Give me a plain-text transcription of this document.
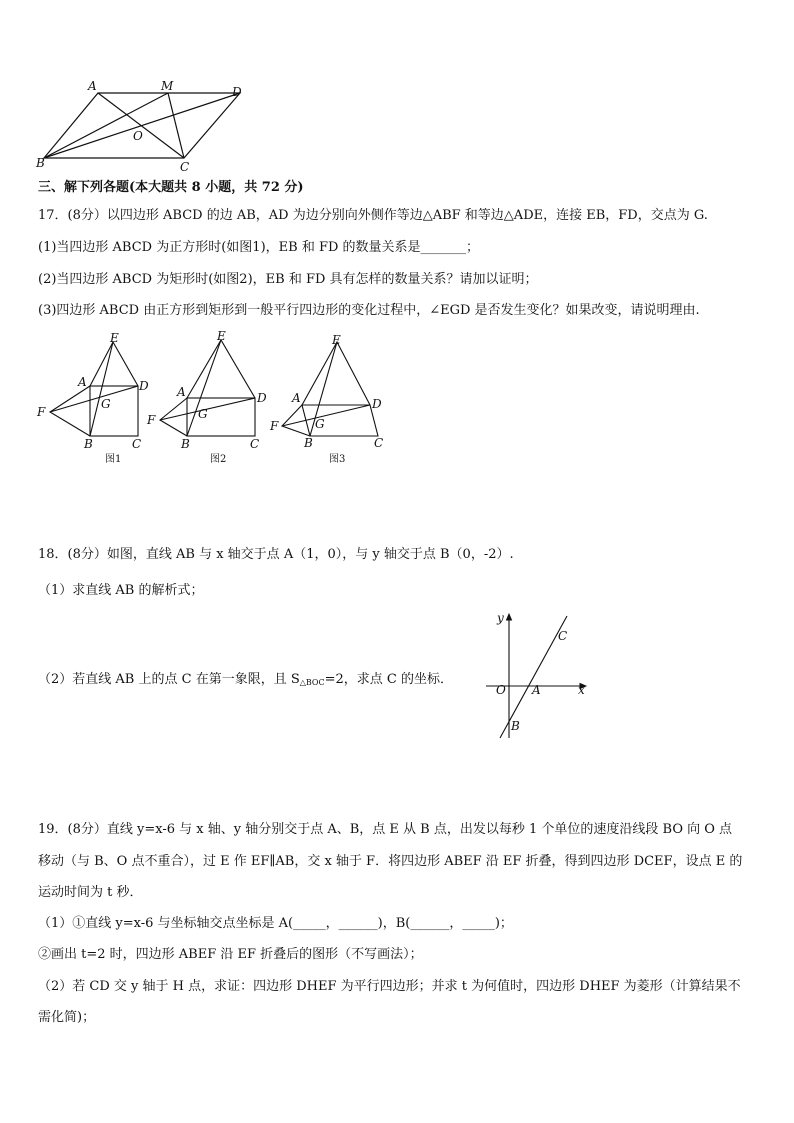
A	M	D
B	C
O
三、解下列各题(本大题共 8 小题，共 72 分)
17．(8分）以四边形 ABCD 的边 AB，AD 为边分别向外侧作等边△ABF 和等边△ADE，连接 EB，FD，交点为 G.
(1)当四边形 ABCD 为正方形时(如图1)，EB 和 FD 的数量关系是_______；
(2)当四边形 ABCD 为矩形时(如图2)，EB 和 FD 具有怎样的数量关系？请加以证明；
(3)四边形 ABCD 由正方形到矩形到一般平行四边形的变化过程中，∠EGD 是否发生变化？如果改变，请说明理由.
E
A	D
G
F
B	C
图1
E
A	D
G
F
B	C
图2
E
A	D
G
F
B	C
图3
18．(8分）如图，直线 AB 与 x 轴交于点 A（1，0），与 y 轴交于点 B（0，-2）.
（1）求直线 AB 的解析式；
（2）若直线 AB 上的点 C 在第一象限，且 $S_{\triangle BOC}=2$，求点 C 的坐标．
y
x
O A
B
C
19．(8分）直线 y=x-6 与 x 轴、y 轴分别交于点 A、B，点 E 从 B 点，出发以每秒 1 个单位的速度沿线段 BO 向 O 点
移动（与 B、O 点不重合），过 E 作 EF∥AB，交 x 轴于 F．将四边形 ABEF 沿 EF 折叠，得到四边形 DCEF，设点 E 的
运动时间为 t 秒．
（1）①直线 y=x-6 与坐标轴交点坐标是 A(_____，______)，B(______，_____)；
②画出 t=2 时，四边形 ABEF 沿 EF 折叠后的图形（不写画法）；
（2）若 CD 交 y 轴于 H 点，求证：四边形 DHEF 为平行四边形；并求 t 为何值时，四边形 DHEF 为菱形（计算结果不
需化简)；
